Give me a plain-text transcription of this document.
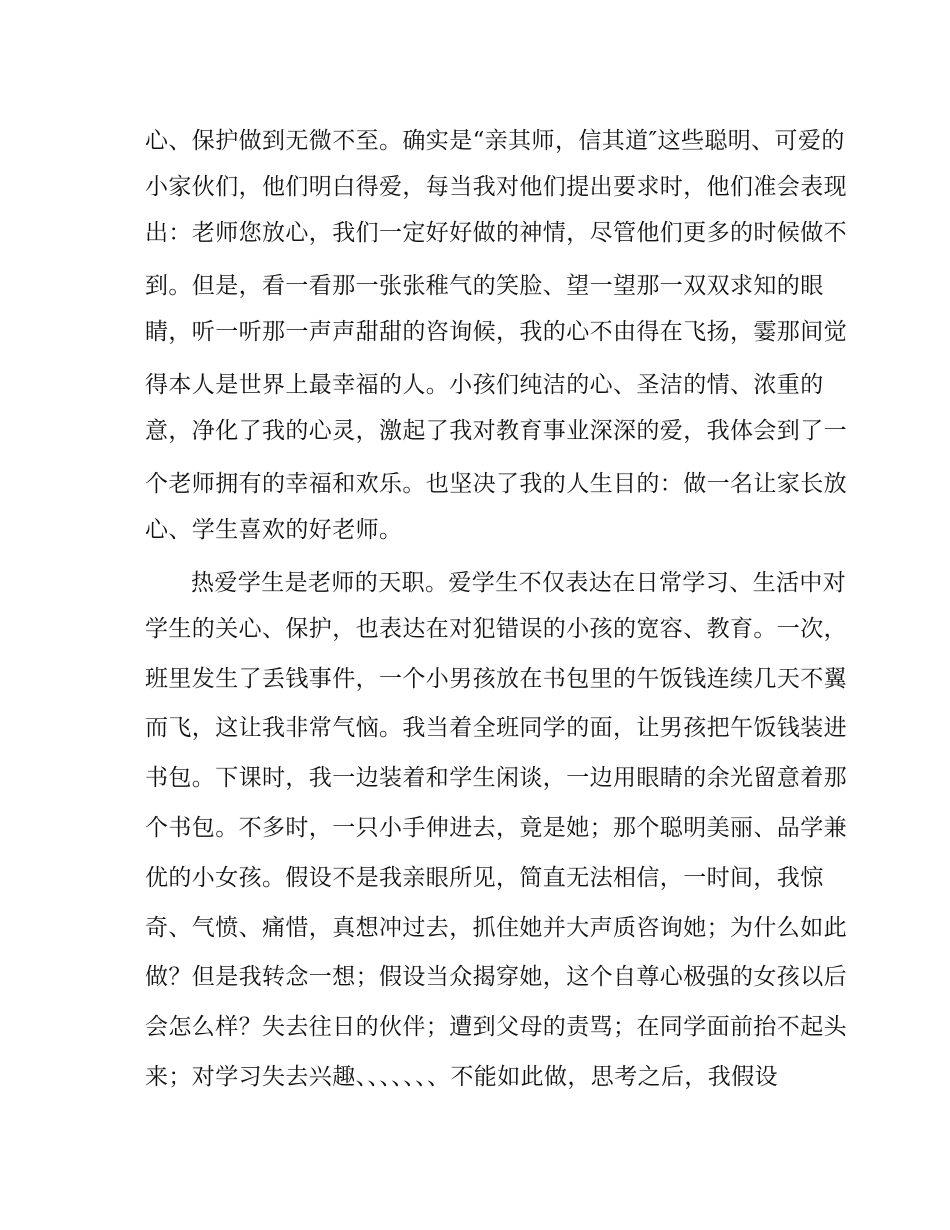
心、保护做到无微不至。确实是“亲其师，信其道″这些聪明、可爱的
小家伙们，他们明白得爱，每当我对他们提出要求时，他们准会表现
出：老师您放心，我们一定好好做的神情，尽管他们更多的时候做不
到。但是，看一看那一张张稚气的笑脸、望一望那一双双求知的眼
睛，听一听那一声声甜甜的咨询候，我的心不由得在飞扬，霎那间觉
得本人是世界上最幸福的人。小孩们纯洁的心、圣洁的情、浓重的
意，净化了我的心灵，激起了我对教育事业深深的爱，我体会到了一
个老师拥有的幸福和欢乐。也坚决了我的人生目的：做一名让家长放
心、学生喜欢的好老师。
热爱学生是老师的天职。爱学生不仅表达在日常学习、生活中对
学生的关心、保护，也表达在对犯错误的小孩的宽容、教育。一次，
班里发生了丢钱事件，一个小男孩放在书包里的午饭钱连续几天不翼
而飞，这让我非常气恼。我当着全班同学的面，让男孩把午饭钱装进
书包。下课时，我一边装着和学生闲谈，一边用眼睛的余光留意着那
个书包。不多时，一只小手伸进去，竟是她；那个聪明美丽、品学兼
优的小女孩。假设不是我亲眼所见，简直无法相信，一时间，我惊
奇、气愤、痛惜，真想冲过去，抓住她并大声质咨询她；为什么如此
做？但是我转念一想；假设当众揭穿她，这个自尊心极强的女孩以后
会怎么样？失去往日的伙伴；遭到父母的责骂；在同学面前抬不起头
来；对学习失去兴趣、、、、、、、不能如此做，思考之后，我假设
